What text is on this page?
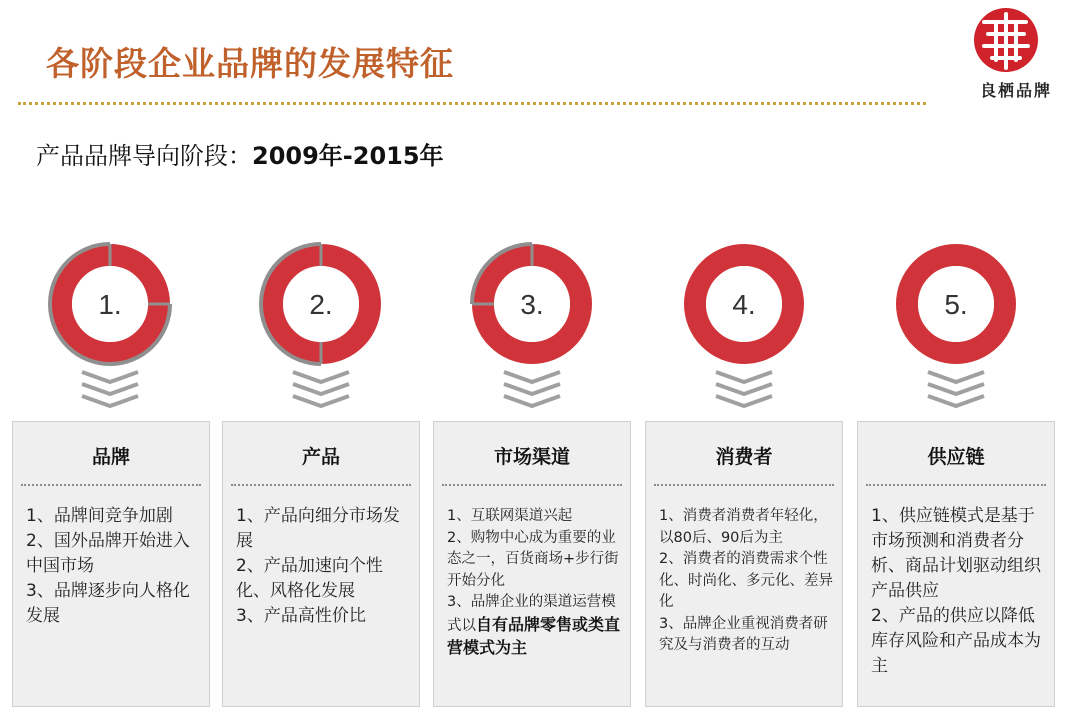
各阶段企业品牌的发展特征
良栖品牌
产品品牌导向阶段：2009年-2015年
1.	2.	3.	4.	5.
品牌

1、品牌间竞争加剧

2、国外品牌开始进入中国市场

3、品牌逐步向人格化发展

产品

1、产品向细分市场发展

2、产品加速向个性化、风格化发展

3、产品高性价比

市场渠道

1、互联网渠道兴起

2、购物中心成为重要的业态之一，百货商场+步行街开始分化

3、品牌企业的渠道运营模式以自有品牌零售或类直营模式为主

消费者

1、消费者消费者年轻化，以80后、90后为主

2、消费者的消费需求个性化、时尚化、多元化、差异化

3、品牌企业重视消费者研究及与消费者的互动

供应链

1、供应链模式是基于市场预测和消费者分析、商品计划驱动组织产品供应

2、产品的供应以降低库存风险和产品成本为主
